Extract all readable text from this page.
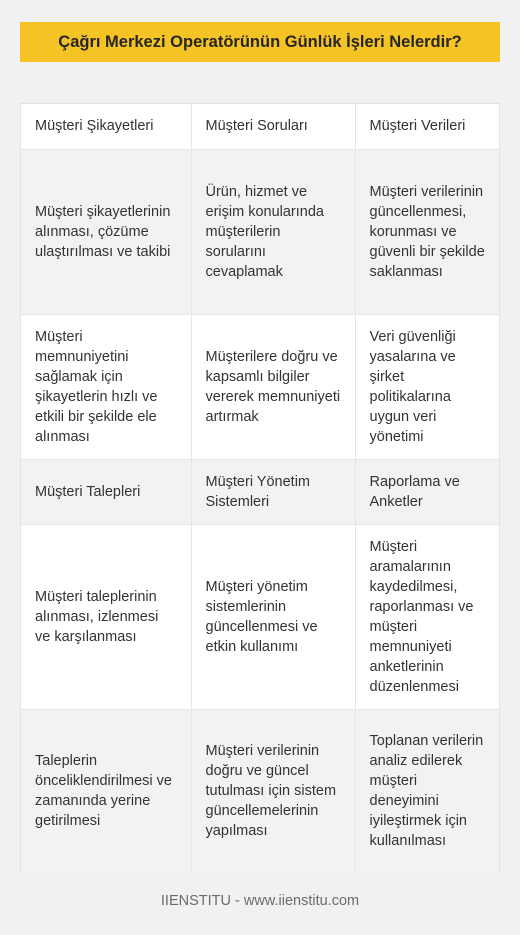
Çağrı Merkezi Operatörünün Günlük İşleri Nelerdir?
Müşteri Şikayetleri	Müşteri Soruları	Müşteri Verileri
Müşteri şikayetlerinin alınması, çözüme ulaştırılması ve takibi	Ürün, hizmet ve erişim konularında müşterilerin sorularını cevaplamak	Müşteri verilerinin güncellenmesi, korunması ve güvenli bir şekilde saklanması
Müşteri memnuniyetini sağlamak için şikayetlerin hızlı ve etkili bir şekilde ele alınması	Müşterilere doğru ve kapsamlı bilgiler vererek memnuniyeti artırmak	Veri güvenliği yasalarına ve şirket politikalarına uygun veri yönetimi
Müşteri Talepleri	Müşteri Yönetim Sistemleri	Raporlama ve Anketler
Müşteri taleplerinin alınması, izlenmesi ve karşılanması	Müşteri yönetim sistemlerinin güncellenmesi ve etkin kullanımı	Müşteri aramalarının kaydedilmesi, raporlanması ve müşteri memnuniyeti anketlerinin düzenlenmesi
Taleplerin önceliklendirilmesi ve zamanında yerine getirilmesi	Müşteri verilerinin doğru ve güncel tutulması için sistem güncellemelerinin yapılması	Toplanan verilerin analiz edilerek müşteri deneyimini iyileştirmek için kullanılması
IIENSTITU - www.iienstitu.com
